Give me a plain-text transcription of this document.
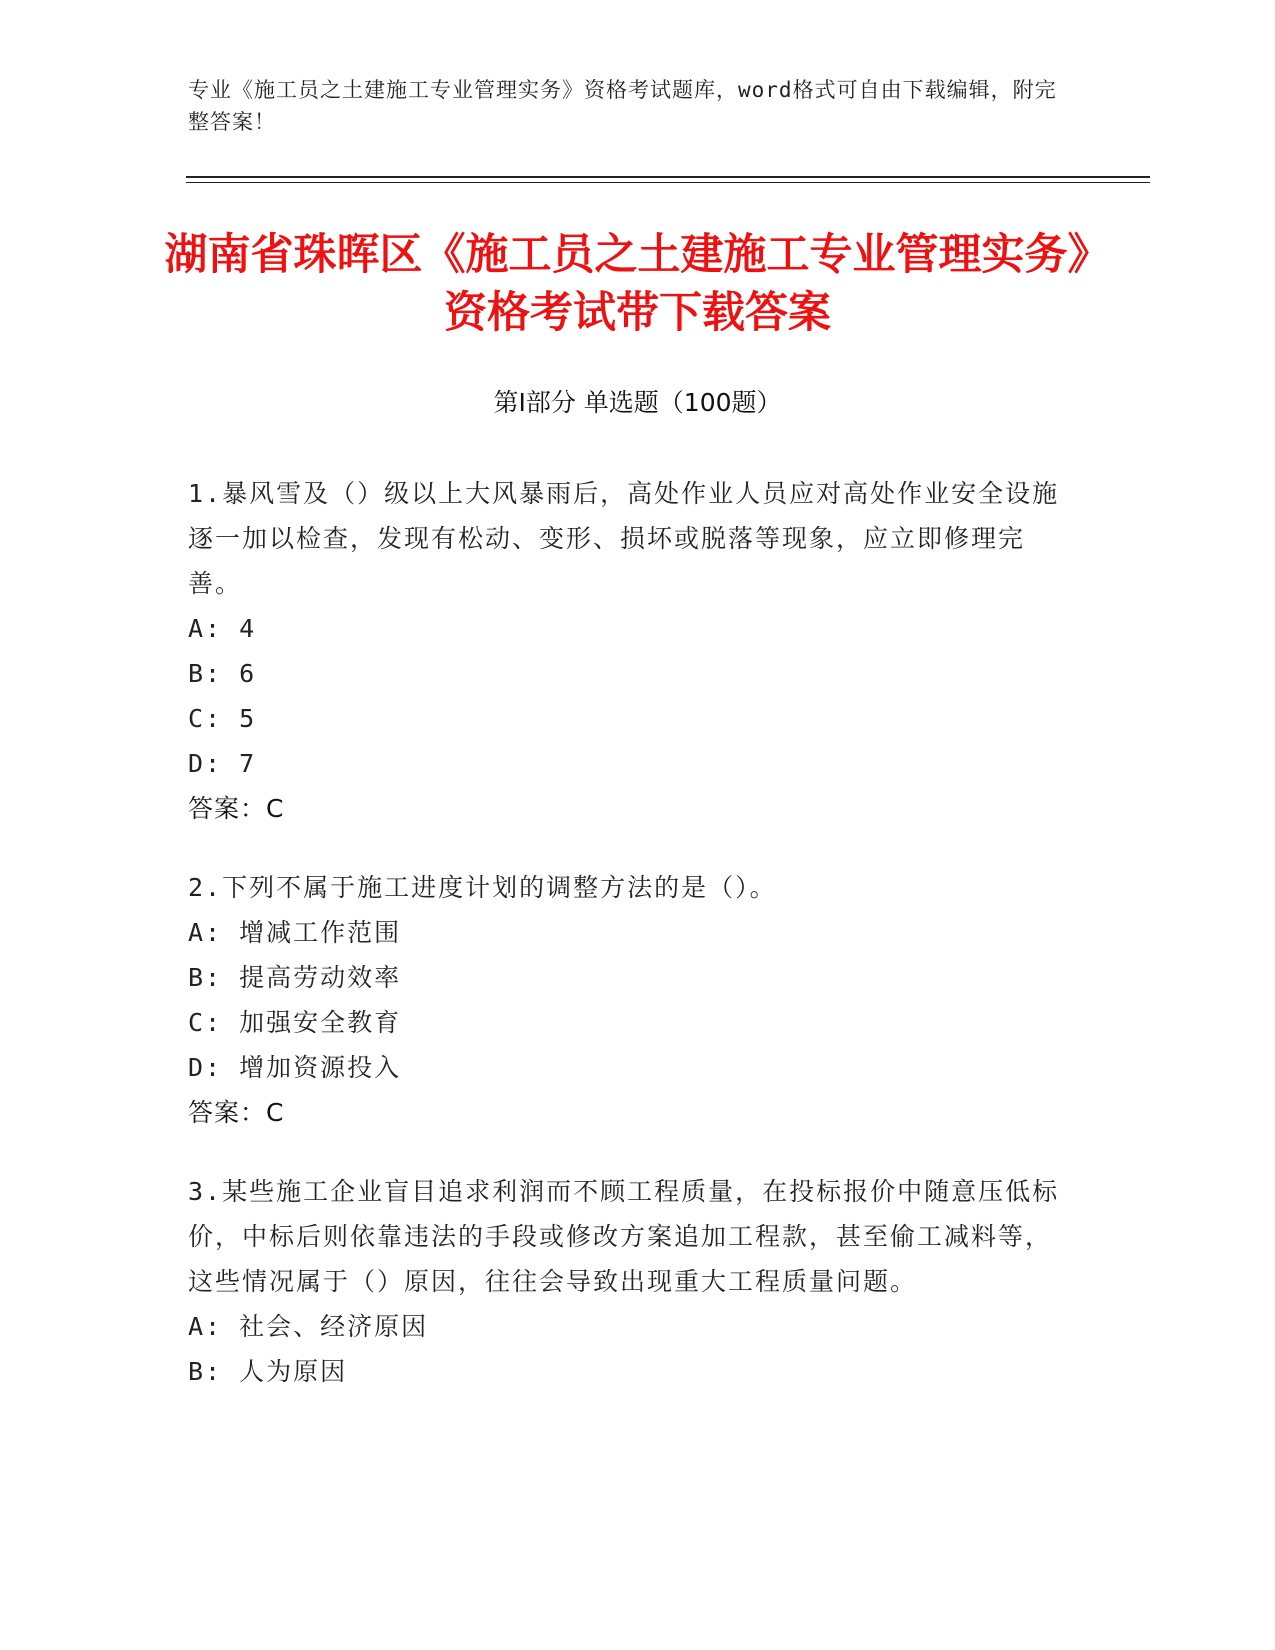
专业《施工员之土建施工专业管理实务》资格考试题库，word格式可自由下载编辑，附完整答案！
湖南省珠晖区《施工员之土建施工专业管理实务》资格考试带下载答案
第Ⅰ部分 单选题（100题）
1.暴风雪及（）级以上大风暴雨后，高处作业人员应对高处作业安全设施逐一加以检查，发现有松动、变形、损坏或脱落等现象，应立即修理完善。
A: 4
B: 6
C: 5
D: 7
答案：C
2.下列不属于施工进度计划的调整方法的是（）。
A: 增减工作范围
B: 提高劳动效率
C: 加强安全教育
D: 增加资源投入
答案：C
3.某些施工企业盲目追求利润而不顾工程质量，在投标报价中随意压低标价，中标后则依靠违法的手段或修改方案追加工程款，甚至偷工减料等，这些情况属于（）原因，往往会导致出现重大工程质量问题。
A: 社会、经济原因
B: 人为原因
